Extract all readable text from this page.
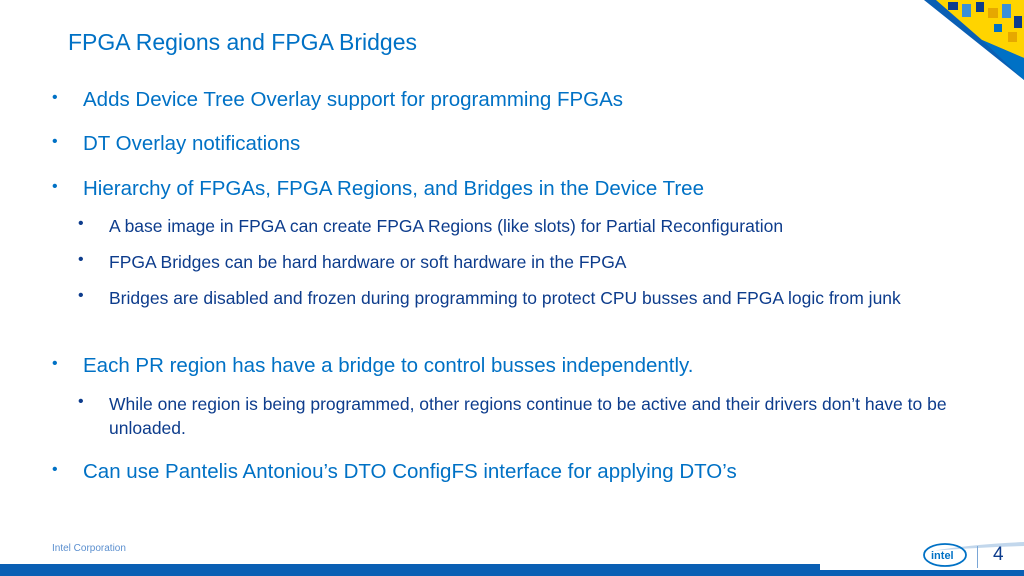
FPGA Regions and FPGA Bridges
• Adds Device Tree Overlay support for programming FPGAs
• DT Overlay notifications
• Hierarchy of FPGAs, FPGA Regions, and Bridges in the Device Tree
• A base image in FPGA can create FPGA Regions (like slots) for Partial Reconfiguration
• FPGA Bridges can be hard hardware or soft hardware in the FPGA
• Bridges are disabled and frozen during programming to protect CPU busses and FPGA logic from junk
• Each PR region has have a bridge to control busses independently.
• While one region is being programmed, other regions continue to be active and their drivers don’t have to be unloaded.
• Can use Pantelis Antoniou’s DTO ConfigFS interface for applying DTO’s
Intel Corporation
intel 4
